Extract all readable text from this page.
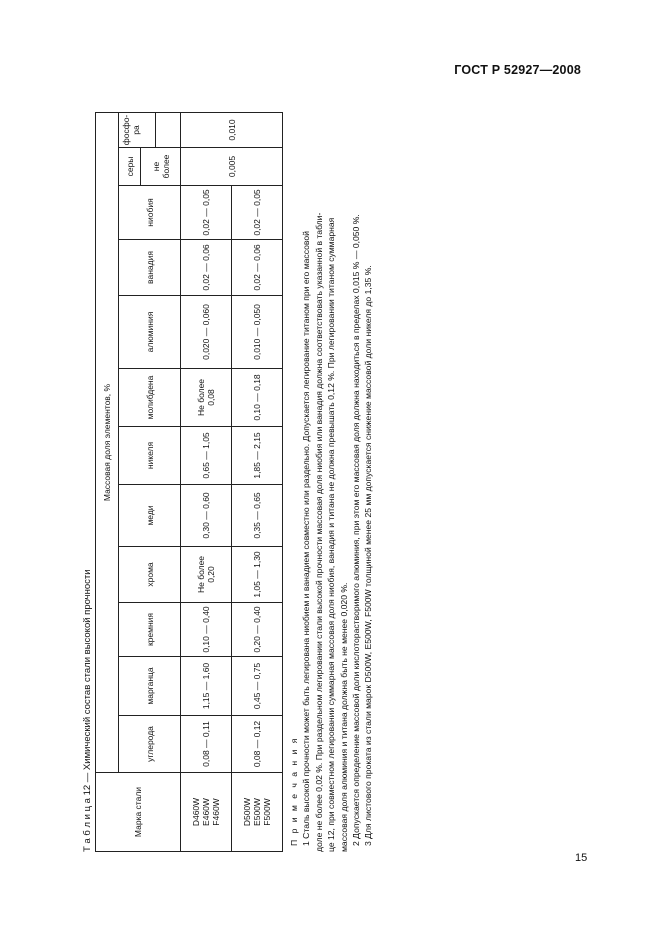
ГОСТ Р 52927—2008
Т а б л и ц а 12 — Химический состав стали высокой прочности	Марка стали	Массовая доля элементов, %											
	углерода	марганца	кремния	хрома	меди	никеля	молибдена	алюминия	ванадия	ниобия	серы	фосфо-ра

											не более	

D460W E460W F460W	0,08 — 0,11	1,15 — 1,60	0,10 — 0,40	Не более 0,20	0,30 — 0,60	0,65 — 1,05	Не более 0,08	0,020 — 0,060	0,02 — 0,06	0,02 — 0,05	0,005	0,010

D500W E500W F500W	0,08 — 0,12	0,45 — 0,75	0,20 — 0,40	1,05 — 1,30	0,35 — 0,65	1,85 — 2,15	0,10 — 0,18	0,010 — 0,050	0,02 — 0,06	0,02 — 0,05		
П р и м е ч а н и я 1 Сталь высокой прочности может быть легирована ниобием и ванадием совместно или раздельно. Допускается легирование титаном при его массовой доле не более 0,02 %. При раздельном легировании стали высокой прочности массовая доля ниобия или ванадия должна соответствовать указанной в табли- це 12, при совместном легировании суммарная массовая доля ниобия, ванадия и титана не должна превышать 0,12 %. При легировании титаном суммарная массовая доля алюминия и титана должна быть не менее 0,020 %. 2 Допускается определение массовой доли кислоторастворимого алюминия, при этом его массовая доля должна находиться в пределах 0,015 % — 0,050 %. 3 Для листового проката из стали марок D500W, E500W, F500W толщиной менее 25 мм допускается снижение массовой доли никеля до 1,35 %.
15
